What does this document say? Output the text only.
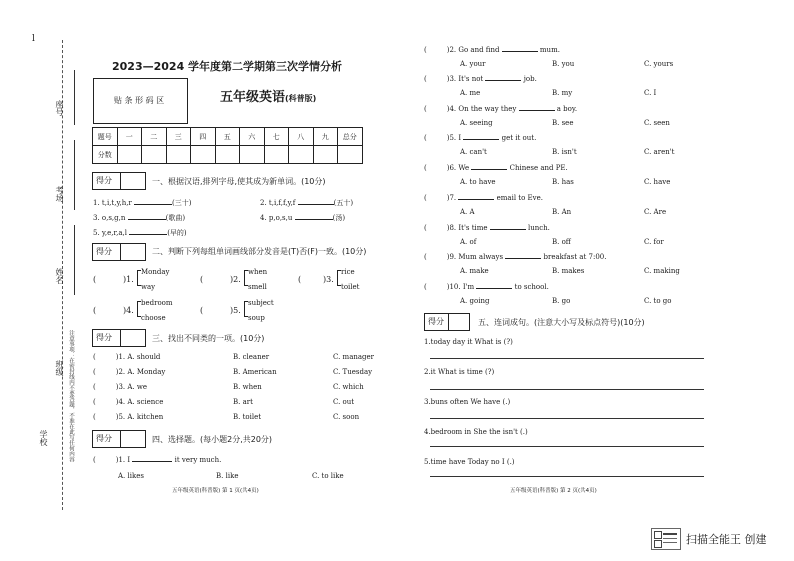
l
注意事项：在密封线内不要答题，不准在此写任何内容
座号
考场
姓名
班级
学校
2023—2024 学年度第二学期第三次学情分析
贴 条 形 码 区	五年级英语(科普版)
题号	一	二	三	四	五	六	七	八	九	总分
分数										
得分	一、根据汉语,排列字母,使其成为新单词。(10分)
1. t,i,t,y,h,r	(三十)	2. t,i,f,f,y,f	(五十)
3. o,s,g,n	(歌曲)	4. p,o,s,u	(汤)
5. y,e,r,a,l	(早的)
得分	二、判断下列每组单词画线部分发音是(T)否(F)一致。(10分)
(	)1.
Monday
way
(	)2.
when
smell
(	)3.
rice
toilet
(	)4.
bedroom
choose
(	)5.
subject
soup
得分	三、找出不同类的一项。(10分)
(	)1. A. should	B. cleaner	C. manager
(	)2. A. Monday	B. American	C. Tuesday
(	)3. A. we	B. when	C. which
(	)4. A. science	B. art	C. out
(	)5. A. kitchen	B. toilet	C. soon
得分	四、选择题。(每小题2分,共20分)
(	)1. I	it very much.
A. likes	B. like	C. to like
五年级英语(科普版) 第 1 页(共4页)
(	)2. Go and find	mum.
A. your	B. you	C. yours
(	)3. It's not	job.
A. me	B. my	C. I
(	)4. On the way they	a boy.
A. seeing	B. see	C. seen
(	)5. I	get it out.
A. can't	B. isn't	C. aren't
(	)6. We	Chinese and PE.
A. to have	B. has	C. have
(	)7.	email to Eve.
A. A	B. An	C. Are
(	)8. It's time	lunch.
A. of	B. off	C. for
(	)9. Mum always	breakfast at 7:00.
A. make	B. makes	C. making
(	)10. I'm	to school.
A. going	B. go	C. to go
得分	五、连词成句。(注意大小写及标点符号)(10分)
1.today day it What is (?)
2.it What is time (?)
3.buns often We have (.)
4.bedroom in She the isn't (.)
5.time have Today no I (.)
五年级英语(科普版) 第 2 页(共4页)
扫描全能王 创建
